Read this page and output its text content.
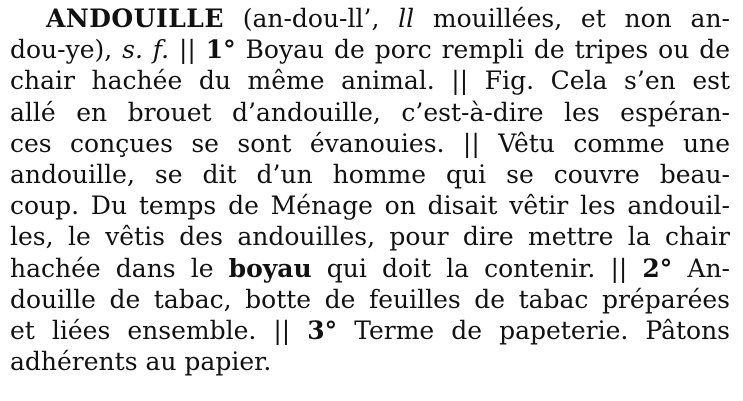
ANDOUILLE (an-dou-ll’, ll mouillées, et non an-
dou-ye), s. f. || 1° Boyau de porc rempli de tripes ou de
chair hachée du même animal. || Fig. Cela s’en est
allé en brouet d’andouille, c’est-à-dire les espéran-
ces conçues se sont évanouies. || Vêtu comme une
andouille, se dit d’un homme qui se couvre beau-
coup. Du temps de Ménage on disait vêtir les andouil-
les, le vêtis des andouilles, pour dire mettre la chair
hachée dans le boyau qui doit la contenir. || 2° An-
douille de tabac, botte de feuilles de tabac préparées
et liées ensemble. || 3° Terme de papeterie. Pâtons
adhérents au papier.
